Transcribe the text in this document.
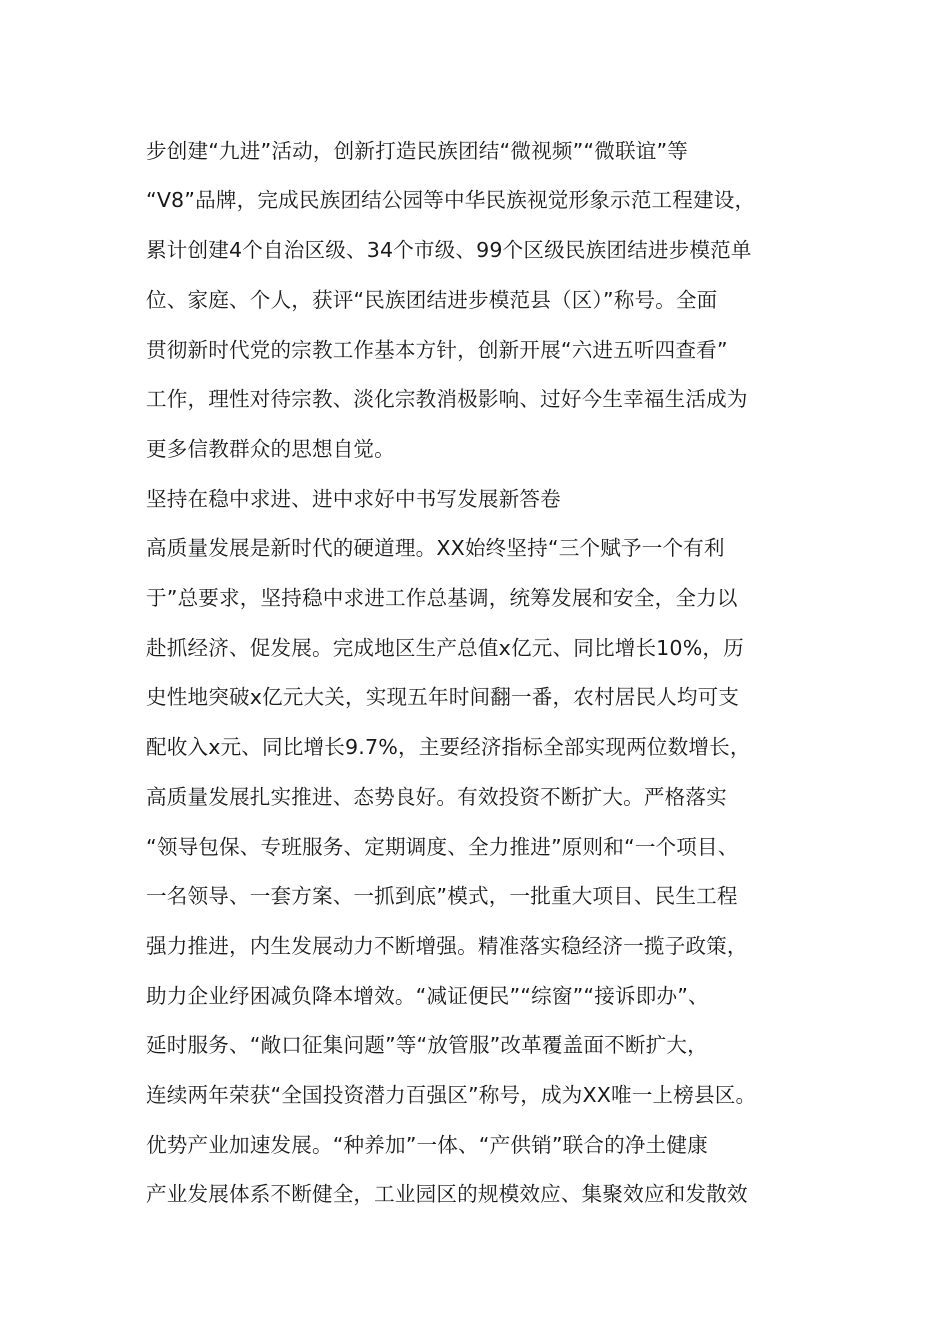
步创建“九进”活动，创新打造民族团结“微视频”“微联谊”等
“V8”品牌，完成民族团结公园等中华民族视觉形象示范工程建设，
累计创建4个自治区级、34个市级、99个区级民族团结进步模范单
位、家庭、个人，获评“民族团结进步模范县（区）”称号。全面
贯彻新时代党的宗教工作基本方针，创新开展“六进五听四查看”
工作，理性对待宗教、淡化宗教消极影响、过好今生幸福生活成为
更多信教群众的思想自觉。
坚持在稳中求进、进中求好中书写发展新答卷
高质量发展是新时代的硬道理。XX始终坚持“三个赋予一个有利
于”总要求，坚持稳中求进工作总基调，统筹发展和安全，全力以
赴抓经济、促发展。完成地区生产总值x亿元、同比增长10%，历
史性地突破x亿元大关，实现五年时间翻一番，农村居民人均可支
配收入x元、同比增长9.7%，主要经济指标全部实现两位数增长，
高质量发展扎实推进、态势良好。有效投资不断扩大。严格落实
“领导包保、专班服务、定期调度、全力推进”原则和“一个项目、
一名领导、一套方案、一抓到底”模式，一批重大项目、民生工程
强力推进，内生发展动力不断增强。精准落实稳经济一揽子政策，
助力企业纾困减负降本增效。“减证便民”“综窗”“接诉即办”、
延时服务、“敞口征集问题”等“放管服”改革覆盖面不断扩大，
连续两年荣获“全国投资潜力百强区”称号，成为XX唯一上榜县区。
优势产业加速发展。“种养加”一体、“产供销”联合的净土健康
产业发展体系不断健全，工业园区的规模效应、集聚效应和发散效
